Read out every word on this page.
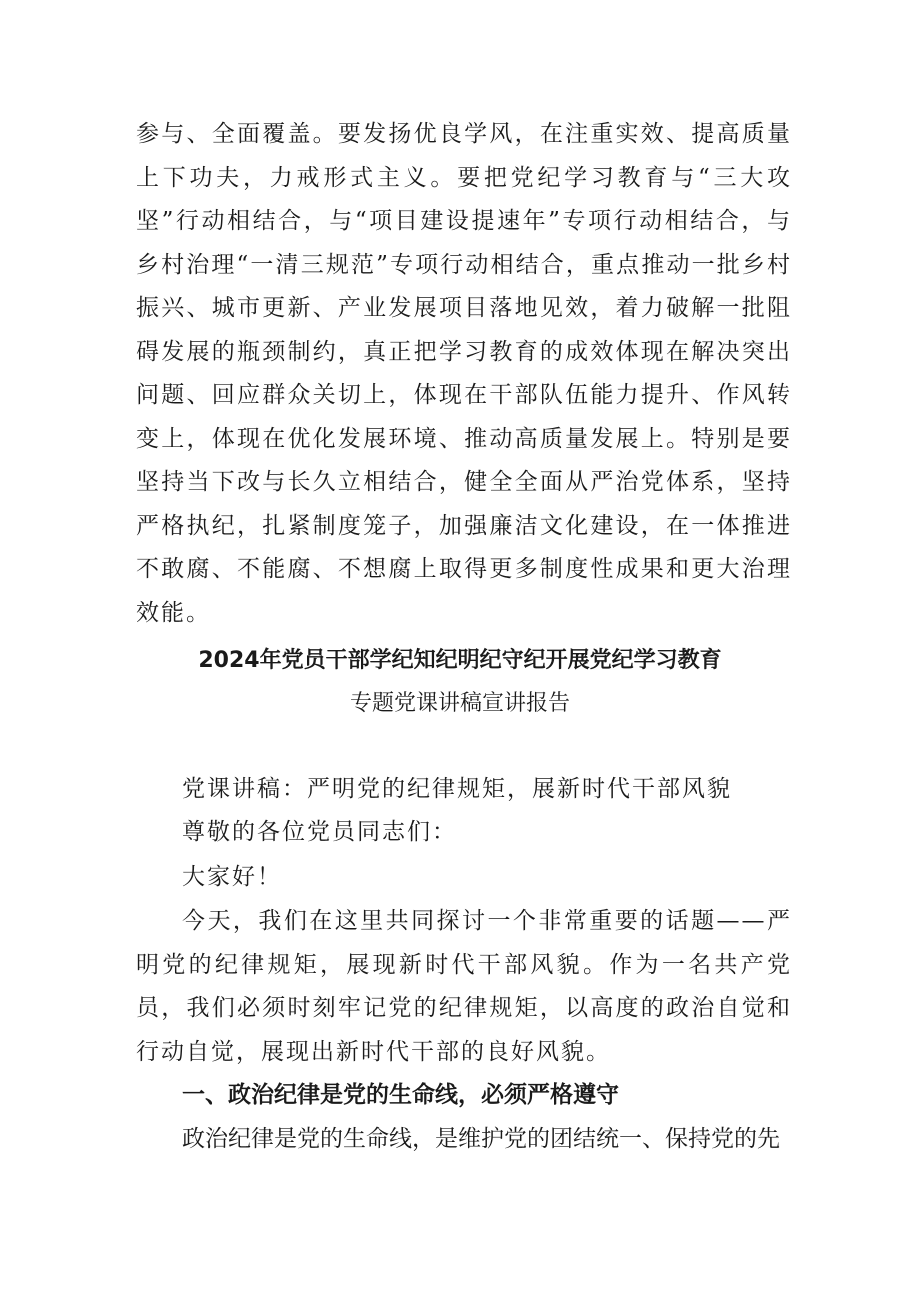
参与、全面覆盖。要发扬优良学风，在注重实效、提高质量上下功夫，力戒形式主义。要把党纪学习教育与“三大攻坚”行动相结合，与“项目建设提速年”专项行动相结合，与乡村治理“一清三规范”专项行动相结合，重点推动一批乡村振兴、城市更新、产业发展项目落地见效，着力破解一批阻碍发展的瓶颈制约，真正把学习教育的成效体现在解决突出问题、回应群众关切上，体现在干部队伍能力提升、作风转变上，体现在优化发展环境、推动高质量发展上。特别是要坚持当下改与长久立相结合，健全全面从严治党体系，坚持严格执纪，扎紧制度笼子，加强廉洁文化建设，在一体推进不敢腐、不能腐、不想腐上取得更多制度性成果和更大治理效能。

2024年党员干部学纪知纪明纪守纪开展党纪学习教育
专题党课讲稿宣讲报告

党课讲稿：严明党的纪律规矩，展新时代干部风貌

尊敬的各位党员同志们：

大家好！

今天，我们在这里共同探讨一个非常重要的话题——严明党的纪律规矩，展现新时代干部风貌。作为一名共产党员，我们必须时刻牢记党的纪律规矩，以高度的政治自觉和行动自觉，展现出新时代干部的良好风貌。

一、政治纪律是党的生命线，必须严格遵守

政治纪律是党的生命线，是维护党的团结统一、保持党的先
